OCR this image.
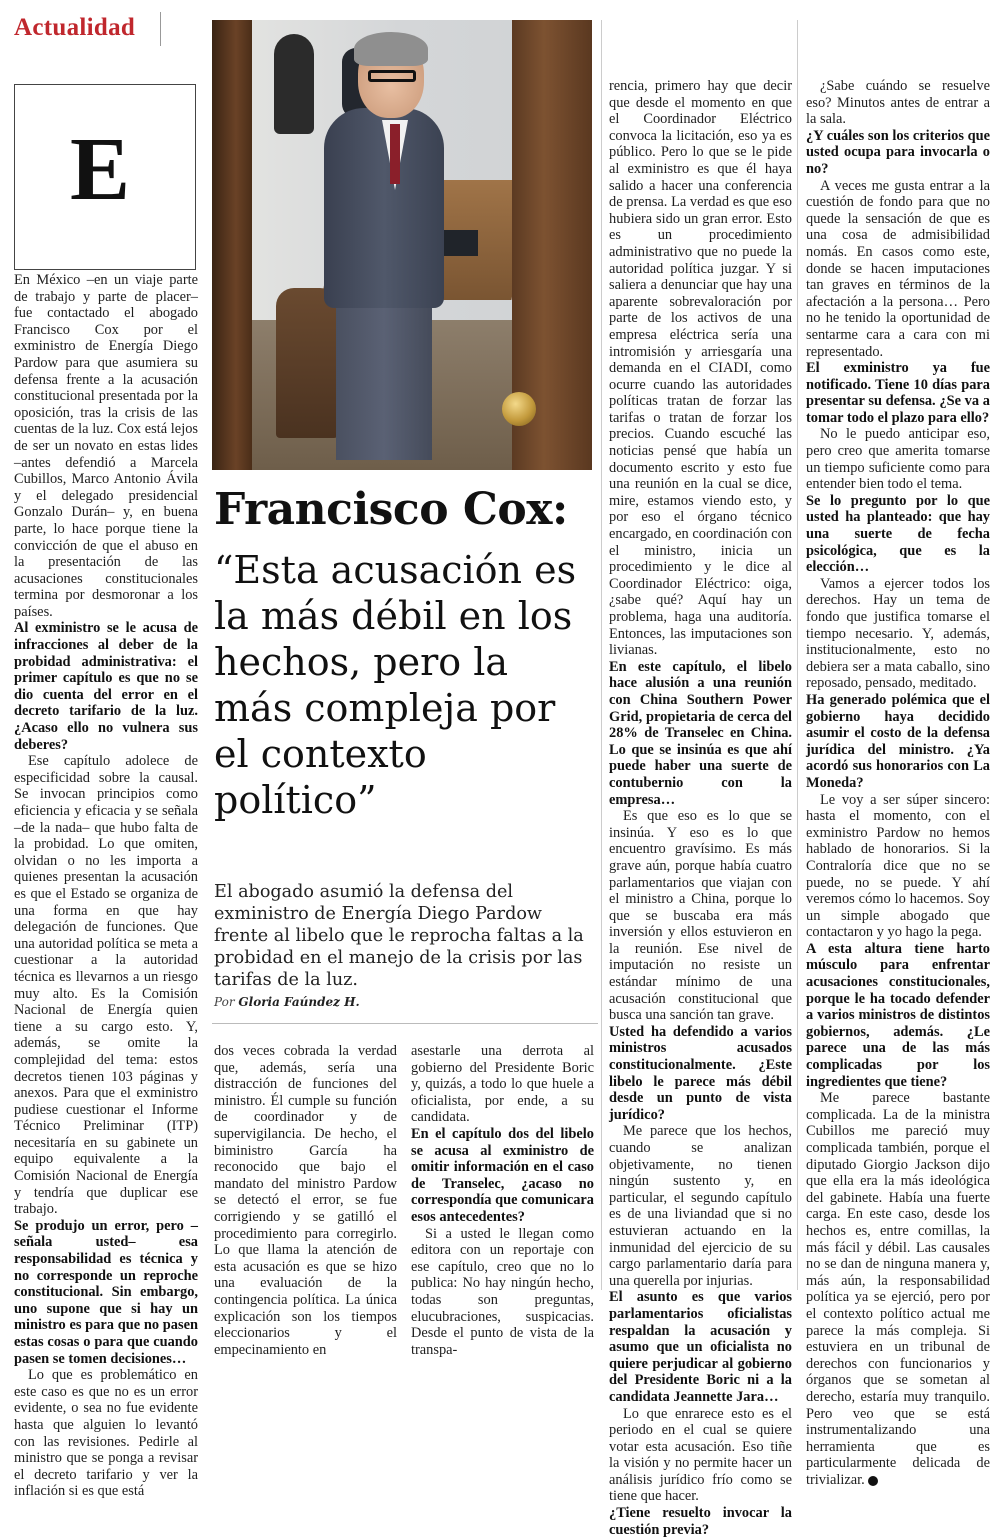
Actualidad
E
Francisco Cox:
“Esta acusación es la más débil en los hechos, pero la más compleja por el contexto político”
El abogado asumió la defensa del exministro de Energía Diego Pardow frente al libelo que le reprocha faltas a la probidad en el manejo de la crisis por las tarifas de la luz.
Por Gloria Faúndez H.

En México –en un viaje parte de trabajo y parte de placer– fue contactado el abogado Francisco Cox por el exministro de Energía Diego Pardow para que asumiera su defensa frente a la acusación constitucional presentada por la oposición, tras la crisis de las cuentas de la luz. Cox está lejos de ser un novato en estas lides –antes defendió a Marcela Cubillos, Marco Antonio Ávila y el delegado presidencial Gonzalo Durán– y, en buena parte, lo hace porque tiene la convicción de que el abuso en la presentación de las acusaciones constitucionales termina por desmoronar a los países.

Al exministro se le acusa de infracciones al deber de la probidad administrativa: el primer capítulo es que no se dio cuenta del error en el decreto tarifario de la luz. ¿Acaso ello no vulnera sus deberes?

Ese capítulo adolece de especificidad sobre la causal. Se invocan principios como eficiencia y eficacia y se señala –de la nada– que hubo falta de la probidad. Lo que omiten, olvidan o no les importa a quienes presentan la acusación es que el Estado se organiza de una forma en que hay delegación de funciones. Que una autoridad política se meta a cuestionar a la autoridad técnica es llevarnos a un riesgo muy alto. Es la Comisión Nacional de Energía quien tiene a su cargo esto. Y, además, se omite la complejidad del tema: estos decretos tienen 103 páginas y anexos. Para que el exministro pudiese cuestionar el Informe Técnico Preliminar (ITP) necesitaría en su gabinete un equipo equivalente a la Comisión Nacional de Energía y tendría que duplicar ese trabajo.

Se produjo un error, pero –señala usted– esa responsabilidad es técnica y no corresponde un reproche constitucional. Sin embargo, uno supone que si hay un ministro es para que no pasen estas cosas o para que cuando pasen se tomen decisiones…

Lo que es problemático en este caso es que no es un error evidente, o sea no fue evidente hasta que alguien lo levantó con las revisiones. Pedirle al ministro que se ponga a revisar el decreto tarifario y ver la inflación si es que está

dos veces cobrada la verdad que, además, sería una distracción de funciones del ministro. Él cumple su función de coordinador y de supervigilancia. De hecho, el biministro García ha reconocido que bajo el mandato del ministro Pardow se detectó el error, se fue corrigiendo y se gatilló el procedimiento para corregirlo. Lo que llama la atención de esta acusación es que se hizo una evaluación de la contingencia política. La única explicación son los tiempos eleccionarios y el empecinamiento en

asestarle una derrota al gobierno del Presidente Boric y, quizás, a todo lo que huele a oficialista, por ende, a su candidata.

En el capítulo dos del libelo se acusa al exministro de omitir información en el caso de Transelec, ¿acaso no correspondía que comunicara esos antecedentes?

Si a usted le llegan como editora con un reportaje con ese capítulo, creo que no lo publica: No hay ningún hecho, todas son preguntas, elucubraciones, suspicacias. Desde el punto de vista de la transpa-

rencia, primero hay que decir que desde el momento en que el Coordinador Eléctrico convoca la licitación, eso ya es público. Pero lo que se le pide al exministro es que él haya salido a hacer una conferencia de prensa. La verdad es que eso hubiera sido un gran error. Esto es un procedimiento administrativo que no puede la autoridad política juzgar. Y si saliera a denunciar que hay una aparente sobrevaloración por parte de los activos de una empresa eléctrica sería una intromisión y arriesgaría una demanda en el CIADI, como ocurre cuando las autoridades políticas tratan de forzar las tarifas o tratan de forzar los precios. Cuando escuché las noticias pensé que había un documento escrito y esto fue una reunión en la cual se dice, mire, estamos viendo esto, y por eso el órgano técnico encargado, en coordinación con el ministro, inicia un procedimiento y le dice al Coordinador Eléctrico: oiga, ¿sabe qué? Aquí hay un problema, haga una auditoría. Entonces, las imputaciones son livianas.

En este capítulo, el libelo hace alusión a una reunión con China Southern Power Grid, propietaria de cerca del 28% de Transelec en China. Lo que se insinúa es que ahí puede haber una suerte de contubernio con la empresa…

Es que eso es lo que se insinúa. Y eso es lo que encuentro gravísimo. Es más grave aún, porque había cuatro parlamentarios que viajan con el ministro a China, porque lo que se buscaba era más inversión y ellos estuvieron en la reunión. Ese nivel de imputación no resiste un estándar mínimo de una acusación constitucional que busca una sanción tan grave.

Usted ha defendido a varios ministros acusados constitucionalmente. ¿Este libelo le parece más débil desde un punto de vista jurídico?

Me parece que los hechos, cuando se analizan objetivamente, no tienen ningún sustento y, en particular, el segundo capítulo es de una liviandad que si no estuvieran actuando en la inmunidad del ejercicio de su cargo parlamentario daría para una querella por injurias.

El asunto es que varios parlamentarios oficialistas respaldan la acusación y asumo que un oficialista no quiere perjudicar al gobierno del Presidente Boric ni a la candidata Jeannette Jara…

Lo que enrarece esto es el periodo en el cual se quiere votar esta acusación. Eso tiñe la visión y no permite hacer un análisis jurídico frío como se tiene que hacer.

¿Tiene resuelto invocar la cuestión previa?

¿Sabe cuándo se resuelve eso? Minutos antes de entrar a la sala.

¿Y cuáles son los criterios que usted ocupa para invocarla o no?

A veces me gusta entrar a la cuestión de fondo para que no quede la sensación de que es una cosa de admisibilidad nomás. En casos como este, donde se hacen imputaciones tan graves en términos de la afectación a la persona… Pero no he tenido la oportunidad de sentarme cara a cara con mi representado.

El exministro ya fue notificado. Tiene 10 días para presentar su defensa. ¿Se va a tomar todo el plazo para ello?

No le puedo anticipar eso, pero creo que amerita tomarse un tiempo suficiente como para entender bien todo el tema.

Se lo pregunto por lo que usted ha planteado: que hay una suerte de fecha psicológica, que es la elección…

Vamos a ejercer todos los derechos. Hay un tema de fondo que justifica tomarse el tiempo necesario. Y, además, institucionalmente, esto no debiera ser a mata caballo, sino reposado, pensado, meditado.

Ha generado polémica que el gobierno haya decidido asumir el costo de la defensa jurídica del ministro. ¿Ya acordó sus honorarios con La Moneda?

Le voy a ser súper sincero: hasta el momento, con el exministro Pardow no hemos hablado de honorarios. Si la Contraloría dice que no se puede, no se puede. Y ahí veremos cómo lo hacemos. Soy un simple abogado que contactaron y yo hago la pega.

A esta altura tiene harto músculo para enfrentar acusaciones constitucionales, porque le ha tocado defender a varios ministros de distintos gobiernos, además. ¿Le parece una de las más complicadas por los ingredientes que tiene?

Me parece bastante complicada. La de la ministra Cubillos me pareció muy complicada también, porque el diputado Giorgio Jackson dijo que ella era la más ideológica del gabinete. Había una fuerte carga. En este caso, desde los hechos es, entre comillas, la más fácil y débil. Las causales no se dan de ninguna manera y, más aún, la responsabilidad política ya se ejerció, pero por el contexto político actual me parece la más compleja. Si estuviera en un tribunal de derechos con funcionarios y órganos que se sometan al derecho, estaría muy tranquilo. Pero veo que se está instrumentalizando una herramienta que es particularmente delicada de trivializar.
